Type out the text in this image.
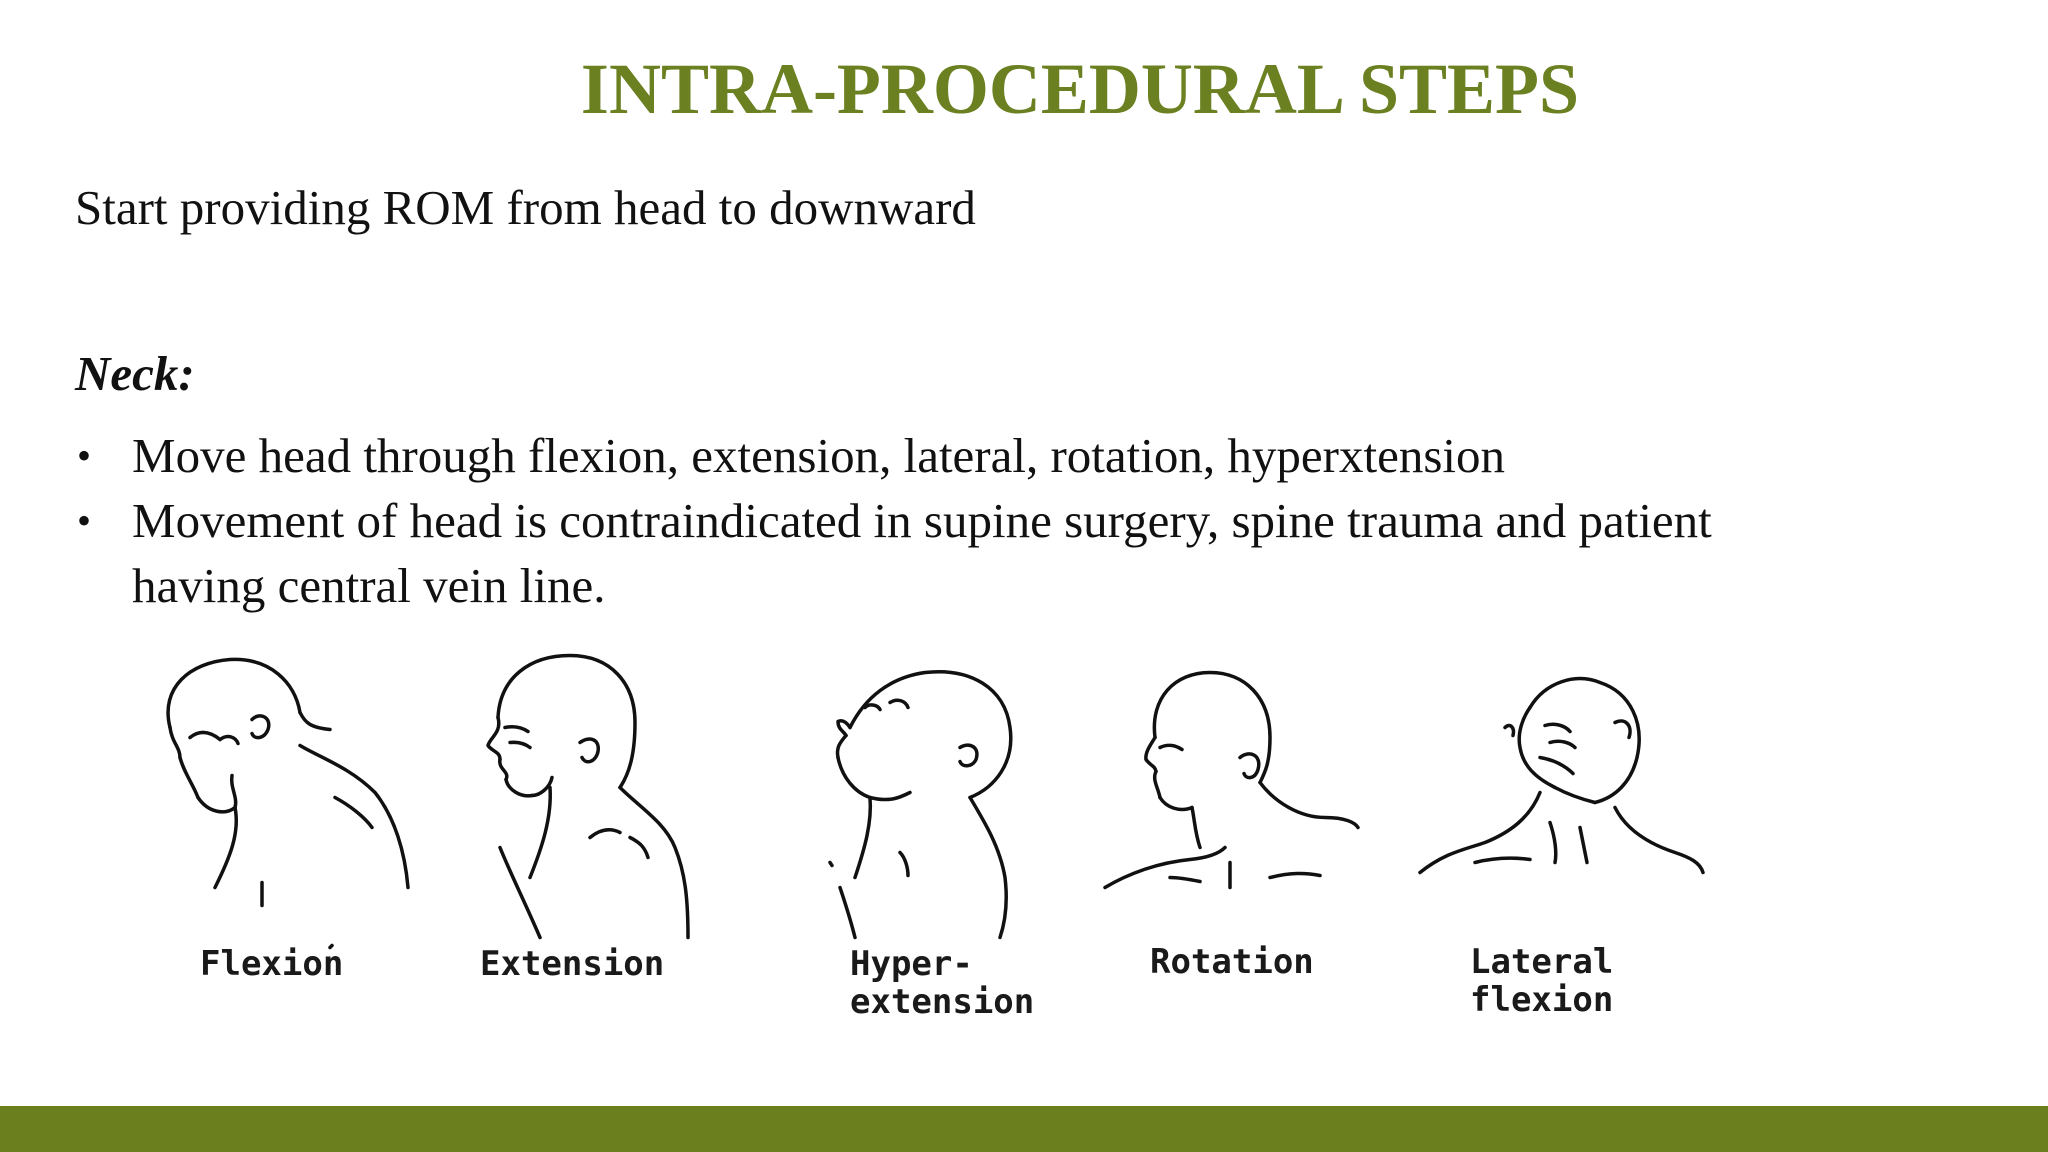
INTRA-PROCEDURAL STEPS

Start providing ROM from head to downward

Neck:

• Move head through flexion, extension, lateral, rotation, hyperxtension
• Movement of head is contraindicated in supine surgery, spine trauma and patient having central vein line.

Flexion	Extension	Hyper-
extension

Rotation	Lateral
flexion
